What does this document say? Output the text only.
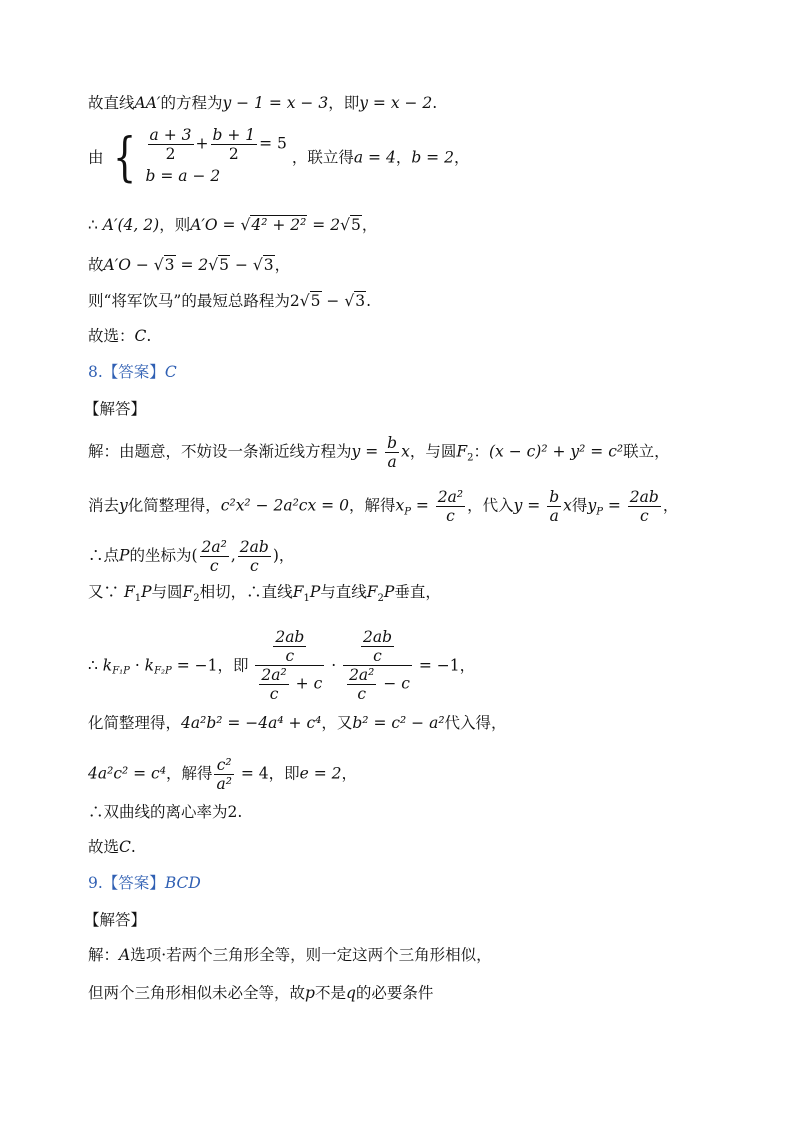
故直线AA′的方程为y − 1 = x − 3，即y = x − 2.
由 { $\frac{a + 3}{2} + \frac{b + 1}{2} = 5$
b = a − 2
，联立得a = 4，b = 2，
∴ A′(4, 2)，则A′O = √4² + 2² = 2√5，
故A′O − √3 = 2√5 − √3，
则“将军饮马”的最短总路程为2√5 − √3.
故选：C.
8.【答案】C
【解答】
解：由题意，不妨设一条渐近线方程为$y = \frac{b}{a}$ x，与圆$F_2$：(x − c)² + y² = c²联立，
消去y化简整理得，c²x² − 2a²cx = 0，解得$x_P = \frac{\text{2a²}}{c}$ ，代入$y = \frac{b}{a}$ x得$y_P = \frac{2ab}{c}$ ，
∴点P的坐标为( $\frac{\text{2a²}}{c}$ , $\frac{2ab}{c}$ )，
又∵ $F_1P$与圆$F_2$相切，∴直线$F_1P$与直线$F_2P$垂直，
∴ $k_{F_1P} \cdot k_{F_2P} = -1$，即 $\frac{\frac{2ab}{c}}{\frac{\text{2a²}}{c} + c} \cdot \frac{\frac{2ab}{c}}{\frac{\text{2a²}}{c} - c} = -1$，
化简整理得，4a²b² = −4a⁴ + c⁴，又b² = c² − a²代入得，
4a²c² = c⁴，解得 $\frac{\text{c²}}{\text{a²}} = 4$，即e = 2，
∴双曲线的离心率为2.
故选C.
9.【答案】BCD
【解答】
解：A选项·若两个三角形全等，则一定这两个三角形相似，
但两个三角形相似未必全等，故p不是q的必要条件
